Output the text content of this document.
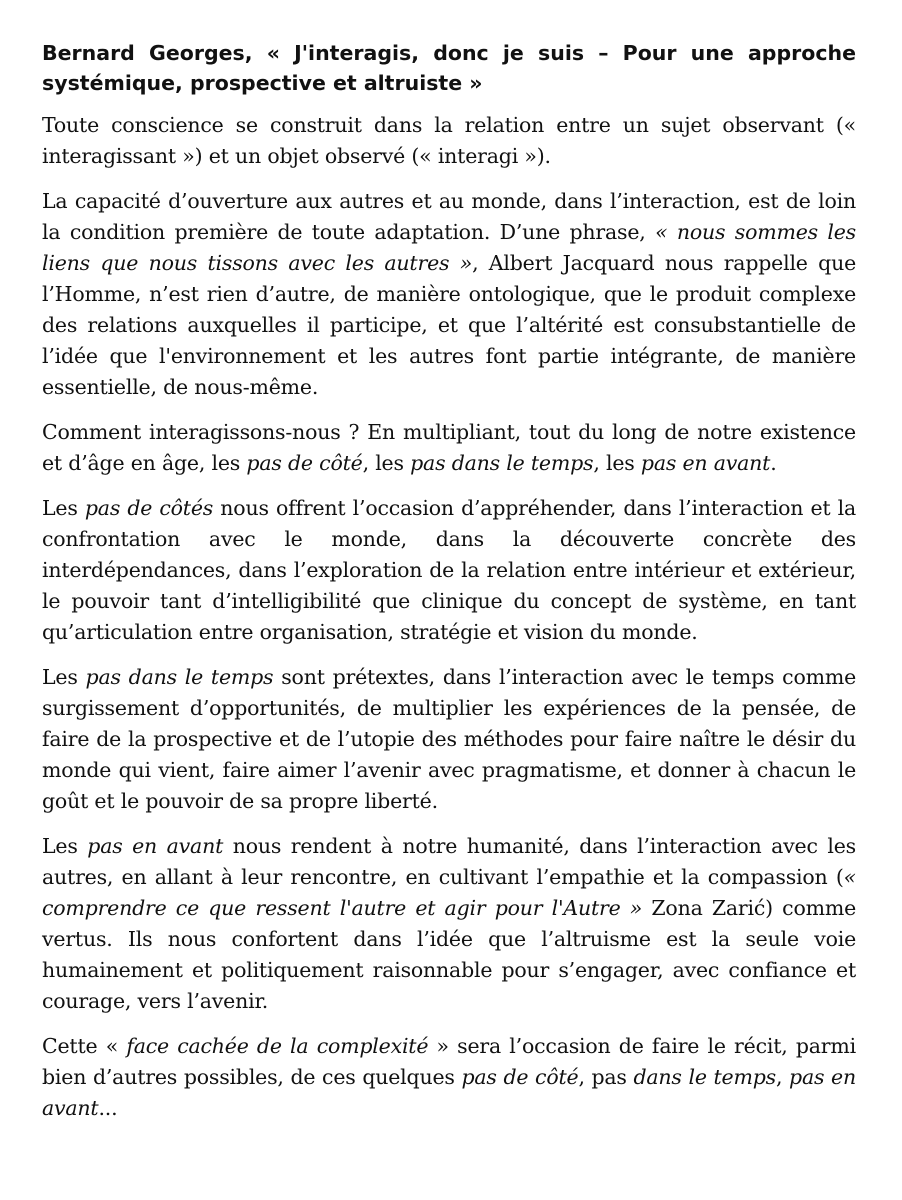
Bernard Georges, « J'interagis, donc je suis – Pour une approche systémique, prospective et altruiste »

Toute conscience se construit dans la relation entre un sujet observant (« interagissant ») et un objet observé (« interagi »).

La capacité d’ouverture aux autres et au monde, dans l’interaction, est de loin la condition première de toute adaptation. D’une phrase, « nous sommes les liens que nous tissons avec les autres », Albert Jacquard nous rappelle que l’Homme, n’est rien d’autre, de manière ontologique, que le produit complexe des relations auxquelles il participe, et que l’altérité est consubstantielle de l’idée que l'environnement et les autres font partie intégrante, de manière essentielle, de nous-même.

Comment interagissons-nous ? En multipliant, tout du long de notre existence et d’âge en âge, les pas de côté, les pas dans le temps, les pas en avant.

Les pas de côtés nous offrent l’occasion d’appréhender, dans l’interaction et la confrontation avec le monde, dans la découverte concrète des interdépendances, dans l’exploration de la relation entre intérieur et extérieur, le pouvoir tant d’intelligibilité que clinique du concept de système, en tant qu’articulation entre organisation, stratégie et vision du monde.

Les pas dans le temps sont prétextes, dans l’interaction avec le temps comme surgissement d’opportunités, de multiplier les expériences de la pensée, de faire de la prospective et de l’utopie des méthodes pour faire naître le désir du monde qui vient, faire aimer l’avenir avec pragmatisme, et donner à chacun le goût et le pouvoir de sa propre liberté.

Les pas en avant nous rendent à notre humanité, dans l’interaction avec les autres, en allant à leur rencontre, en cultivant l’empathie et la compassion (« comprendre ce que ressent l'autre et agir pour l'Autre » Zona Zarić) comme vertus. Ils nous confortent dans l’idée que l’altruisme est la seule voie humainement et politiquement raisonnable pour s’engager, avec confiance et courage, vers l’avenir.

Cette « face cachée de la complexité » sera l’occasion de faire le récit, parmi bien d’autres possibles, de ces quelques pas de côté, pas dans le temps, pas en avant...
